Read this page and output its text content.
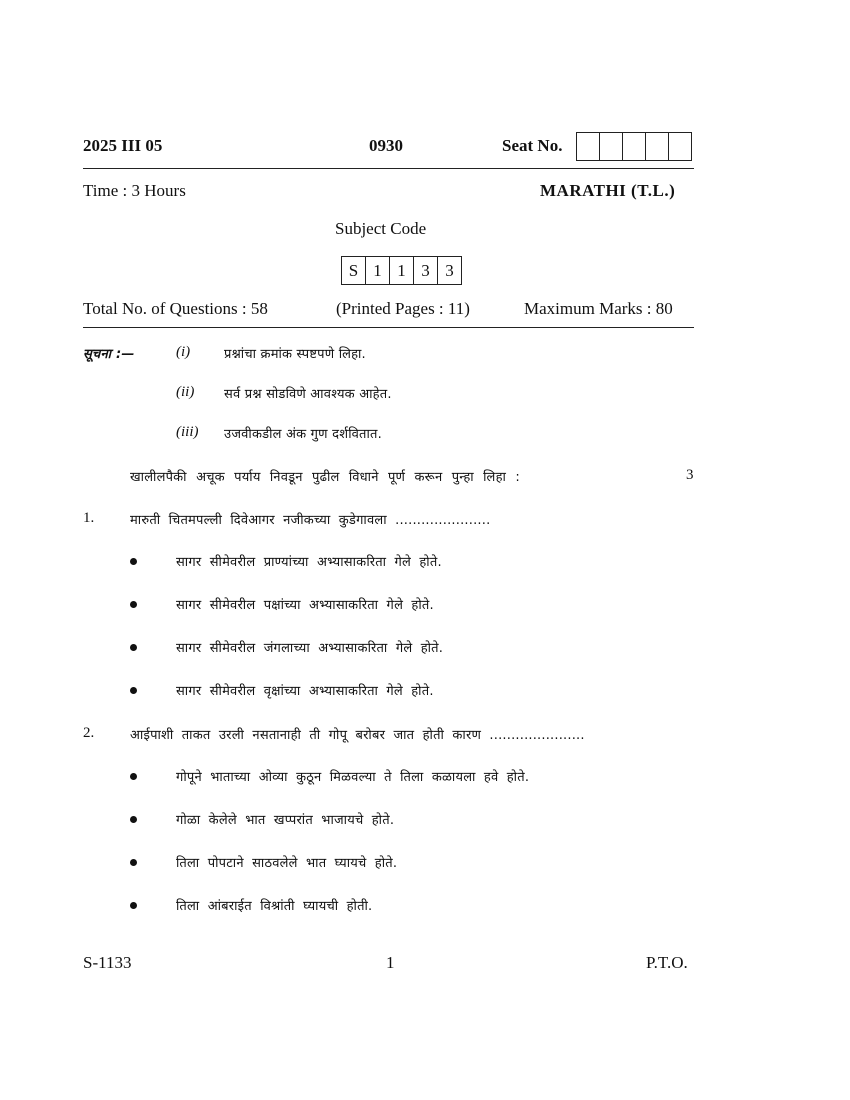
2025 III 05	0930	Seat No.
Time : 3 Hours	MARATHI (T.L.)
Subject Code
S 1 1 3 3
Total No. of Questions : 58	(Printed Pages : 11)	Maximum Marks : 80
सूचना :—	(i)	प्रश्नांचा क्रमांक स्पष्टपणे लिहा.
(ii) सर्व प्रश्न सोडविणे आवश्यक आहेत.
(iii) उजवीकडील अंक गुण दर्शवितात.
खालीलपैकी अचूक पर्याय निवडून पुढील विधाने पूर्ण करून पुन्हा लिहा :	3
1.	मारुती चितमपल्ली दिवेआगर नजीकच्या कुडेगावला ......................
सागर सीमेवरील प्राण्यांच्या अभ्यासाकरिता गेले होते.
सागर सीमेवरील पक्षांच्या अभ्यासाकरिता गेले होते.
सागर सीमेवरील जंगलाच्या अभ्यासाकरिता गेले होते.
सागर सीमेवरील वृक्षांच्या अभ्यासाकरिता गेले होते.
2.	आईपाशी ताकत उरली नसतानाही ती गोपू बरोबर जात होती कारण ......................
गोपूने भाताच्या ओव्या कुठून मिळवल्या ते तिला कळायला हवे होते.
गोळा केलेले भात खप्परांत भाजायचे होते.
तिला पोपटाने साठवलेले भात घ्यायचे होते.
तिला आंबराईत विश्रांती घ्यायची होती.
S-1133	1	P.T.O.
